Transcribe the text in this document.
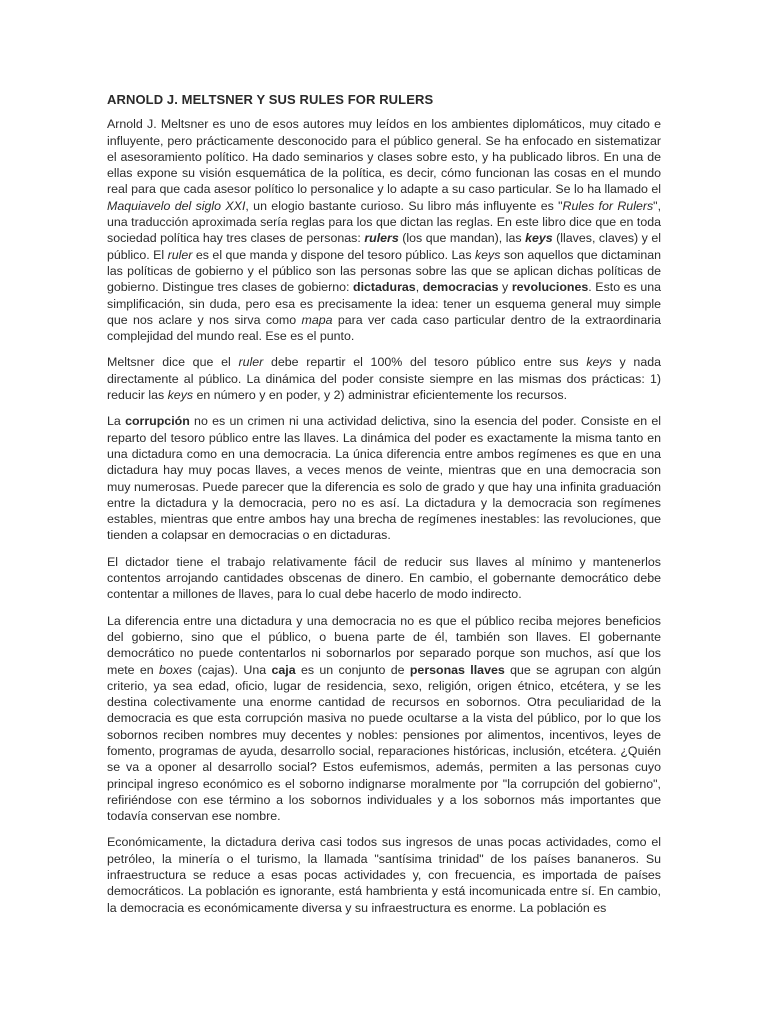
ARNOLD J. MELTSNER Y SUS RULES FOR RULERS
Arnold J. Meltsner es uno de esos autores muy leídos en los ambientes diplomáticos, muy citado e influyente, pero prácticamente desconocido para el público general. Se ha enfocado en sistematizar el asesoramiento político. Ha dado seminarios y clases sobre esto, y ha publicado libros. En una de ellas expone su visión esquemática de la política, es decir, cómo funcionan las cosas en el mundo real para que cada asesor político lo personalice y lo adapte a su caso particular. Se lo ha llamado el Maquiavelo del siglo XXI, un elogio bastante curioso. Su libro más influyente es "Rules for Rulers", una traducción aproximada sería reglas para los que dictan las reglas. En este libro dice que en toda sociedad política hay tres clases de personas: rulers (los que mandan), las keys (llaves, claves) y el público. El ruler es el que manda y dispone del tesoro público. Las keys son aquellos que dictaminan las políticas de gobierno y el público son las personas sobre las que se aplican dichas políticas de gobierno. Distingue tres clases de gobierno: dictaduras, democracias y revoluciones. Esto es una simplificación, sin duda, pero esa es precisamente la idea: tener un esquema general muy simple que nos aclare y nos sirva como mapa para ver cada caso particular dentro de la extraordinaria complejidad del mundo real. Ese es el punto.
Meltsner dice que el ruler debe repartir el 100% del tesoro público entre sus keys y nada directamente al público. La dinámica del poder consiste siempre en las mismas dos prácticas: 1) reducir las keys en número y en poder, y 2) administrar eficientemente los recursos.
La corrupción no es un crimen ni una actividad delictiva, sino la esencia del poder. Consiste en el reparto del tesoro público entre las llaves. La dinámica del poder es exactamente la misma tanto en una dictadura como en una democracia. La única diferencia entre ambos regímenes es que en una dictadura hay muy pocas llaves, a veces menos de veinte, mientras que en una democracia son muy numerosas. Puede parecer que la diferencia es solo de grado y que hay una infinita graduación entre la dictadura y la democracia, pero no es así. La dictadura y la democracia son regímenes estables, mientras que entre ambos hay una brecha de regímenes inestables: las revoluciones, que tienden a colapsar en democracias o en dictaduras.
El dictador tiene el trabajo relativamente fácil de reducir sus llaves al mínimo y mantenerlos contentos arrojando cantidades obscenas de dinero. En cambio, el gobernante democrático debe contentar a millones de llaves, para lo cual debe hacerlo de modo indirecto.
La diferencia entre una dictadura y una democracia no es que el público reciba mejores beneficios del gobierno, sino que el público, o buena parte de él, también son llaves. El gobernante democrático no puede contentarlos ni sobornarlos por separado porque son muchos, así que los mete en boxes (cajas). Una caja es un conjunto de personas llaves que se agrupan con algún criterio, ya sea edad, oficio, lugar de residencia, sexo, religión, origen étnico, etcétera, y se les destina colectivamente una enorme cantidad de recursos en sobornos. Otra peculiaridad de la democracia es que esta corrupción masiva no puede ocultarse a la vista del público, por lo que los sobornos reciben nombres muy decentes y nobles: pensiones por alimentos, incentivos, leyes de fomento, programas de ayuda, desarrollo social, reparaciones históricas, inclusión, etcétera. ¿Quién se va a oponer al desarrollo social? Estos eufemismos, además, permiten a las personas cuyo principal ingreso económico es el soborno indignarse moralmente por "la corrupción del gobierno", refiriéndose con ese término a los sobornos individuales y a los sobornos más importantes que todavía conservan ese nombre.
Económicamente, la dictadura deriva casi todos sus ingresos de unas pocas actividades, como el petróleo, la minería o el turismo, la llamada "santísima trinidad" de los países bananeros. Su infraestructura se reduce a esas pocas actividades y, con frecuencia, es importada de países democráticos. La población es ignorante, está hambrienta y está incomunicada entre sí. En cambio, la democracia es económicamente diversa y su infraestructura es enorme. La población es
